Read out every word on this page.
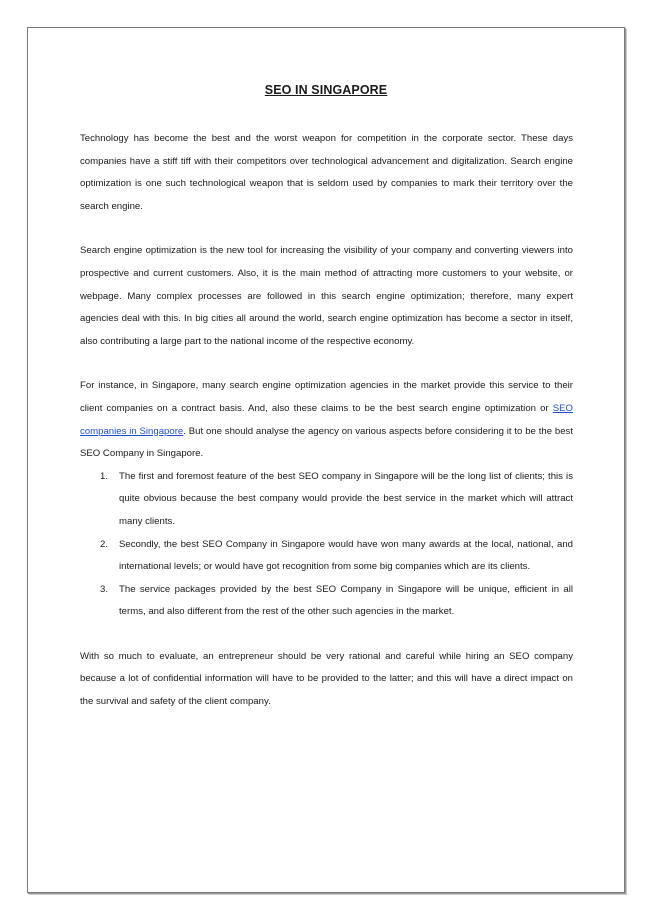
SEO IN SINGAPORE

Technology has become the best and the worst weapon for competition in the corporate sector. These days companies have a stiff tiff with their competitors over technological advancement and digitalization. Search engine optimization is one such technological weapon that is seldom used by companies to mark their territory over the search engine.

Search engine optimization is the new tool for increasing the visibility of your company and converting viewers into prospective and current customers. Also, it is the main method of attracting more customers to your website, or webpage. Many complex processes are followed in this search engine optimization; therefore, many expert agencies deal with this. In big cities all around the world, search engine optimization has become a sector in itself, also contributing a large part to the national income of the respective economy.

For instance, in Singapore, many search engine optimization agencies in the market provide this service to their client companies on a contract basis. And, also these claims to be the best search engine optimization or SEO companies in Singapore. But one should analyse the agency on various aspects before considering it to be the best SEO Company in Singapore.

1. The first and foremost feature of the best SEO company in Singapore will be the long list of clients; this is quite obvious because the best company would provide the best service in the market which will attract many clients.
2. Secondly, the best SEO Company in Singapore would have won many awards at the local, national, and international levels; or would have got recognition from some big companies which are its clients.
3. The service packages provided by the best SEO Company in Singapore will be unique, efficient in all terms, and also different from the rest of the other such agencies in the market.

With so much to evaluate, an entrepreneur should be very rational and careful while hiring an SEO company because a lot of confidential information will have to be provided to the latter; and this will have a direct impact on the survival and safety of the client company.
